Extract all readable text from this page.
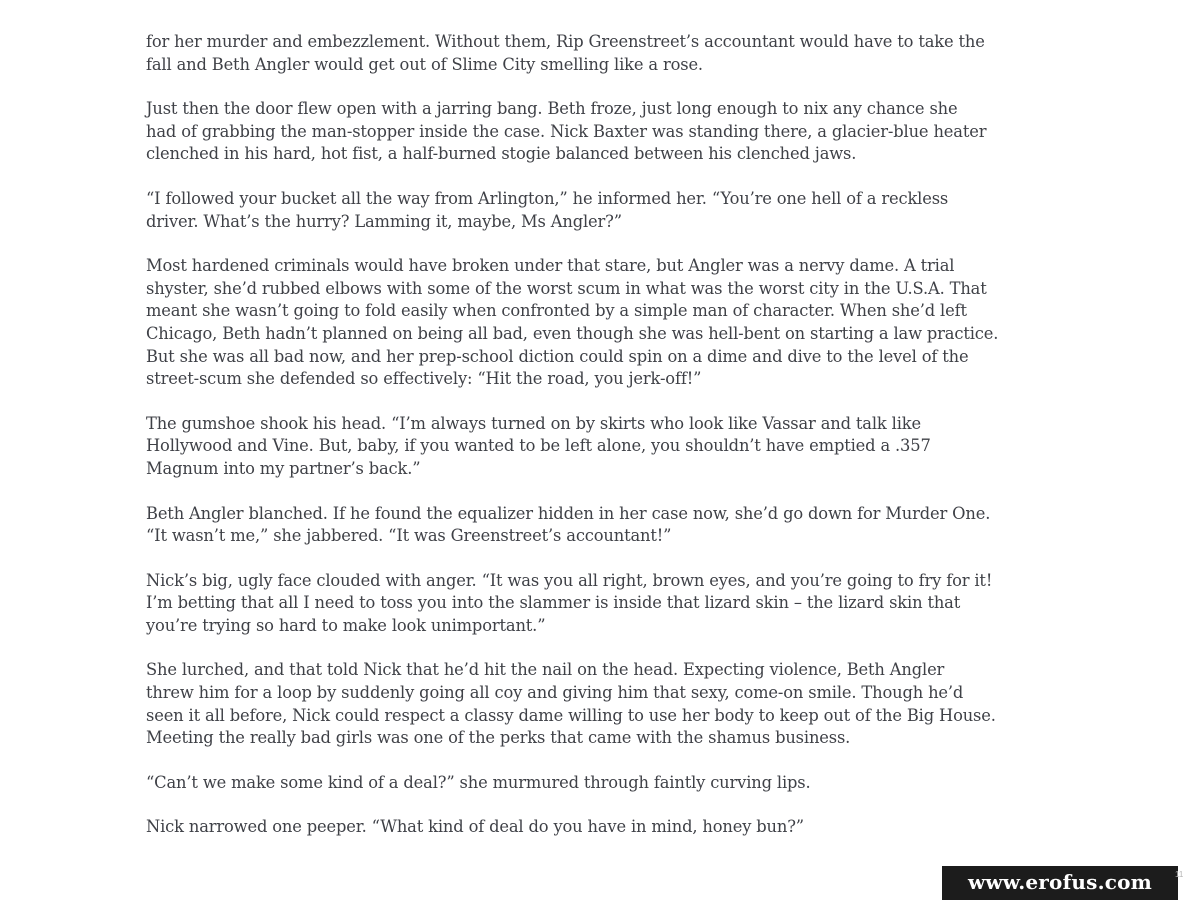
for her murder and embezzlement. Without them, Rip Greenstreet’s accountant would have to take the
fall and Beth Angler would get out of Slime City smelling like a rose.

Just then the door flew open with a jarring bang. Beth froze, just long enough to nix any chance she
had of grabbing the man-stopper inside the case. Nick Baxter was standing there, a glacier-blue heater
clenched in his hard, hot fist, a half-burned stogie balanced between his clenched jaws.

“I followed your bucket all the way from Arlington,” he informed her. “You’re one hell of a reckless
driver. What’s the hurry? Lamming it, maybe, Ms Angler?”

Most hardened criminals would have broken under that stare, but Angler was a nervy dame. A trial
shyster, she’d rubbed elbows with some of the worst scum in what was the worst city in the U.S.A. That
meant she wasn’t going to fold easily when confronted by a simple man of character. When she’d left
Chicago, Beth hadn’t planned on being all bad, even though she was hell-bent on starting a law practice.
But she was all bad now, and her prep-school diction could spin on a dime and dive to the level of the
street-scum she defended so effectively: “Hit the road, you jerk-off!”

The gumshoe shook his head. “I’m always turned on by skirts who look like Vassar and talk like
Hollywood and Vine. But, baby, if you wanted to be left alone, you shouldn’t have emptied a .357
Magnum into my partner’s back.”

Beth Angler blanched. If he found the equalizer hidden in her case now, she’d go down for Murder One.
“It wasn’t me,” she jabbered. “It was Greenstreet’s accountant!”

Nick’s big, ugly face clouded with anger. “It was you all right, brown eyes, and you’re going to fry for it!
I’m betting that all I need to toss you into the slammer is inside that lizard skin – the lizard skin that
you’re trying so hard to make look unimportant.”

She lurched, and that told Nick that he’d hit the nail on the head. Expecting violence, Beth Angler
threw him for a loop by suddenly going all coy and giving him that sexy, come-on smile. Though he’d
seen it all before, Nick could respect a classy dame willing to use her body to keep out of the Big House.
Meeting the really bad girls was one of the perks that came with the shamus business.

“Can’t we make some kind of a deal?” she murmured through faintly curving lips.

Nick narrowed one peeper. “What kind of deal do you have in mind, honey bun?”

www.erofus.com	11
